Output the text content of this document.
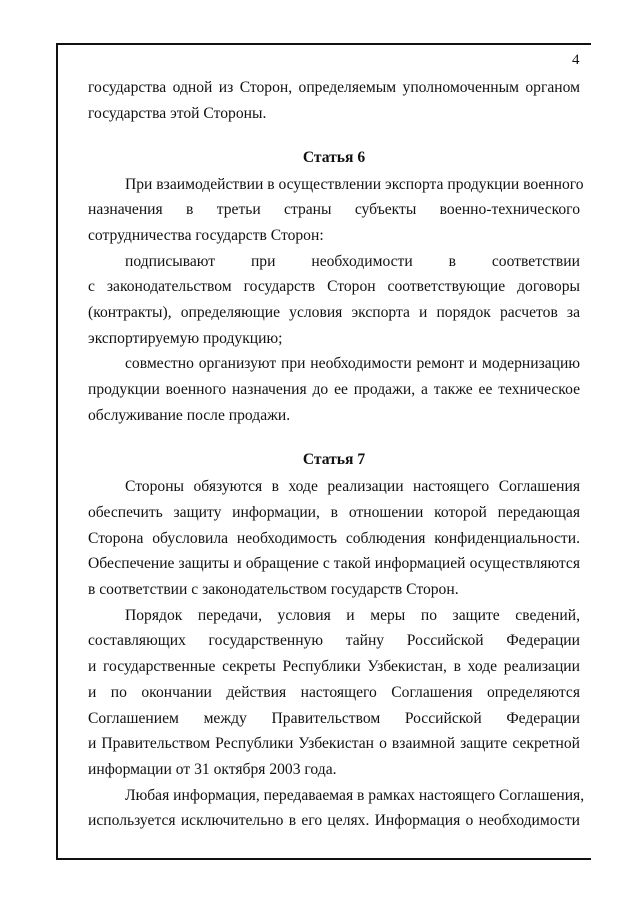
4
государства одной из Сторон, определяемым уполномоченным органом
государства этой Стороны.
Статья 6
При взаимодействии в осуществлении экспорта продукции военного
назначения в третьи страны субъекты военно-технического
сотрудничества государств Сторон:
подписывают при необходимости в соответствии
с законодательством государств Сторон соответствующие договоры
(контракты), определяющие условия экспорта и порядок расчетов за
экспортируемую продукцию;
совместно организуют при необходимости ремонт и модернизацию
продукции военного назначения до ее продажи, а также ее техническое
обслуживание после продажи.
Статья 7
Стороны обязуются в ходе реализации настоящего Соглашения
обеспечить защиту информации, в отношении которой передающая
Сторона обусловила необходимость соблюдения конфиденциальности.
Обеспечение защиты и обращение с такой информацией осуществляются
в соответствии с законодательством государств Сторон.
Порядок передачи, условия и меры по защите сведений,
составляющих государственную тайну Российской Федерации
и государственные секреты Республики Узбекистан, в ходе реализации
и по окончании действия настоящего Соглашения определяются
Соглашением между Правительством Российской Федерации
и Правительством Республики Узбекистан о взаимной защите секретной
информации от 31 октября 2003 года.
Любая информация, передаваемая в рамках настоящего Соглашения,
используется исключительно в его целях. Информация о необходимости
